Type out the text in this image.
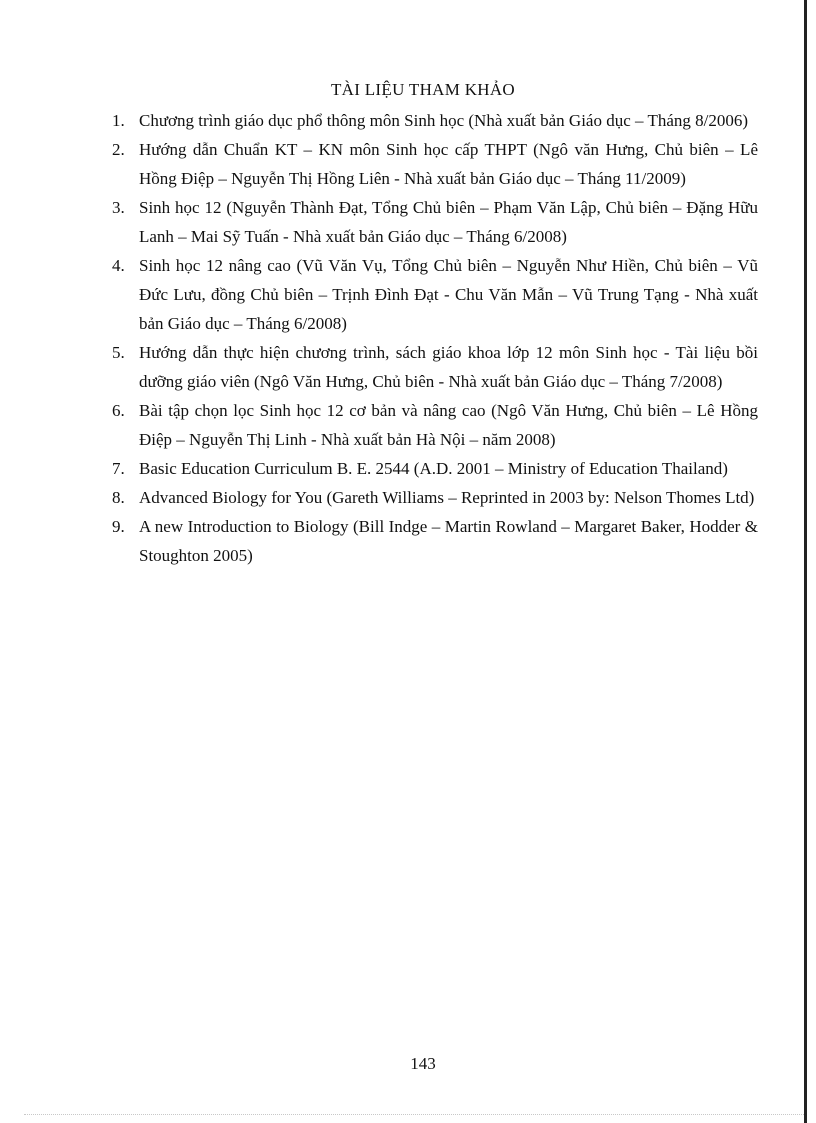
TÀI LIỆU THAM KHẢO
1. Chương trình giáo dục phổ thông môn Sinh học (Nhà xuất bản Giáo dục – Tháng 8/2006)
2. Hướng dẫn Chuẩn KT – KN môn Sinh học cấp THPT (Ngô văn Hưng, Chủ biên – Lê Hồng Điệp – Nguyễn Thị Hồng Liên - Nhà xuất bản Giáo dục – Tháng 11/2009)
3. Sinh học 12 (Nguyễn Thành Đạt, Tổng Chủ biên – Phạm Văn Lập, Chủ biên – Đặng Hữu Lanh – Mai Sỹ Tuấn - Nhà xuất bản Giáo dục – Tháng 6/2008)
4. Sinh học 12 nâng cao (Vũ Văn Vụ, Tổng Chủ biên – Nguyễn Như Hiền, Chủ biên – Vũ Đức Lưu, đồng Chủ biên – Trịnh Đình Đạt - Chu Văn Mẫn – Vũ Trung Tạng - Nhà xuất bản Giáo dục – Tháng 6/2008)
5. Hướng dẫn thực hiện chương trình, sách giáo khoa lớp 12 môn Sinh học - Tài liệu bồi dưỡng giáo viên (Ngô Văn Hưng, Chủ biên - Nhà xuất bản Giáo dục – Tháng 7/2008)
6. Bài tập chọn lọc Sinh học 12 cơ bản và nâng cao (Ngô Văn Hưng, Chủ biên – Lê Hồng Điệp – Nguyễn Thị Linh - Nhà xuất bản Hà Nội – năm 2008)
7. Basic Education Curriculum B. E. 2544 (A.D. 2001 – Ministry of Education Thailand)
8. Advanced Biology for You (Gareth Williams – Reprinted in 2003 by: Nelson Thomes Ltd)
9. A new Introduction to Biology (Bill Indge – Martin Rowland – Margaret Baker, Hodder & Stoughton 2005)
143
